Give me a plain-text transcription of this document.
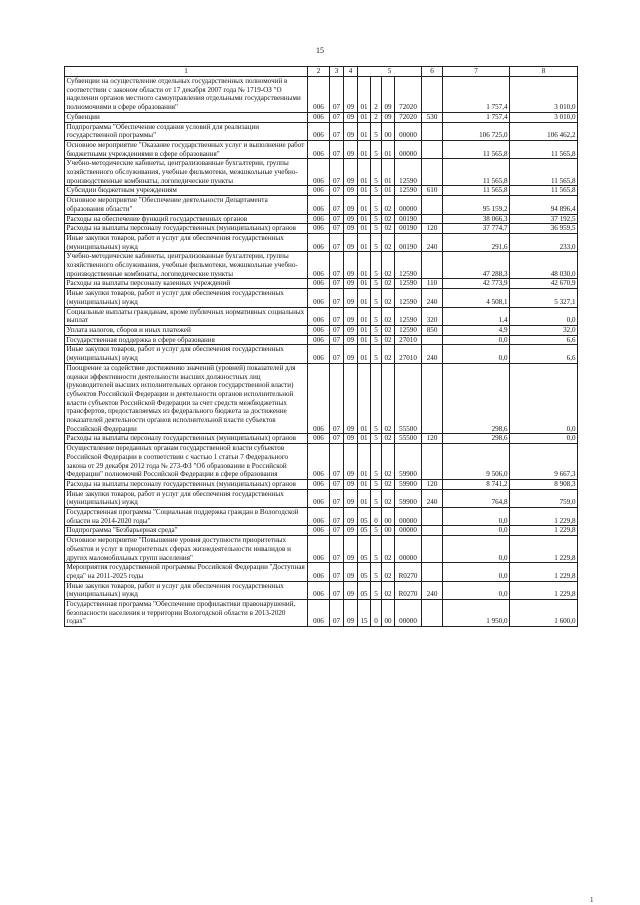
15
1	2	3	4	5				6	7	8
Субвенции на осуществление отдельных государственных полномочий в соответствии с законом области от 17 декабря 2007 года № 1719-ОЗ "О наделении органов местного самоуправления отдельными государственными полномочиями в сфере образования"	006	07	09	01	2	09	72020		1 757,4	3 010,0
Субвенции	006	07	09	01	2	09	72020	530	1 757,4	3 010,0
Подпрограмма "Обеспечение создания условий для реализации государственной программы"	006	07	09	01	5	00	00000		106 725,0	106 462,2
Основное мероприятие "Оказание государственных услуг и выполнение работ бюджетными учреждениями в сфере образования"	006	07	09	01	5	01	00000		11 565,8	11 565,8
Учебно-методические кабинеты, централизованные бухгалтерии, группы хозяйственного обслуживания, учебные фильмотеки, межшкольные учебно-производственные комбинаты, логопедические пункты	006	07	09	01	5	01	12590		11 565,8	11 565,8
Субсидии бюджетным учреждениям	006	07	09	01	5	01	12590	610	11 565,8	11 565,8
Основное мероприятие "Обеспечение деятельности Департамента образования области"	006	07	09	01	5	02	00000		95 159,2	94 896,4
Расходы на обеспечение функций государственных органов	006	07	09	01	5	02	00190		38 066,3	37 192,5
Расходы на выплаты персоналу государственных (муниципальных) органов	006	07	09	01	5	02	00190	120	37 774,7	36 959,5
Иные закупки товаров, работ и услуг для обеспечения государственных (муниципальных) нужд	006	07	09	01	5	02	00190	240	291,6	233,0
Учебно-методические кабинеты, централизованные бухгалтерии, группы хозяйственного обслуживания, учебные фильмотеки, межшкольные учебно-производственные комбинаты, логопедические пункты	006	07	09	01	5	02	12590		47 288,3	48 030,0
Расходы на выплаты персоналу казенных учреждений	006	07	09	01	5	02	12590	110	42 773,9	42 670,9
Иные закупки товаров, работ и услуг для обеспечения государственных (муниципальных) нужд	006	07	09	01	5	02	12590	240	4 508,1	5 327,1
Социальные выплаты гражданам, кроме публичных нормативных социальных выплат	006	07	09	01	5	02	12590	320	1,4	0,0
Уплата налогов, сборов и иных платежей	006	07	09	01	5	02	12590	850	4,9	32,0
Государственная поддержка в сфере образования	006	07	09	01	5	02	27010		0,0	6,6
Иные закупки товаров, работ и услуг для обеспечения государственных (муниципальных) нужд	006	07	09	01	5	02	27010	240	0,0	6,6
Поощрение за содействие достижению значений (уровней) показателей для оценки эффективности деятельности высших должностных лиц (руководителей высших исполнительных органов государственной власти) субъектов Российской Федерации и деятельности органов исполнительной власти субъектов Российской Федерации за счет средств межбюджетных трансфертов, предоставляемых из федерального бюджета за достижение показателей деятельности органов исполнительной власти субъектов Российской Федерации	006	07	09	01	5	02	55500		298,6	0,0
Расходы на выплаты персоналу государственных (муниципальных) органов	006	07	09	01	5	02	55500	120	298,6	0,0
Осуществление переданных органам государственной власти субъектов Российской Федерации в соответствии с частью 1 статьи 7 Федерального закона от 29 декабря 2012 года № 273-ФЗ "Об образовании в Российской Федерации" полномочий Российской Федерации в сфере образования	006	07	09	01	5	02	59900		9 506,0	9 667,3
Расходы на выплаты персоналу государственных (муниципальных) органов	006	07	09	01	5	02	59900	120	8 741,2	8 908,3
Иные закупки товаров, работ и услуг для обеспечения государственных (муниципальных) нужд	006	07	09	01	5	02	59900	240	764,8	759,0
Государственная программа "Социальная поддержка граждан в Вологодской области на 2014-2020 годы"	006	07	09	05	0	00	00000		0,0	1 229,8
Подпрограмма "Безбарьерная среда"	006	07	09	05	5	00	00000		0,0	1 229,8
Основное мероприятие "Повышение уровня доступности приоритетных объектов и услуг в приоритетных сферах жизнедеятельности инвалидов и других маломобильных групп населения"	006	07	09	05	5	02	00000		0,0	1 229,8
Мероприятия государственной программы Российской Федерации "Доступная среда" на 2011-2025 годы	006	07	09	05	5	02	R0270		0,0	1 229,8
Иные закупки товаров, работ и услуг для обеспечения государственных (муниципальных) нужд	006	07	09	05	5	02	R0270	240	0,0	1 229,8
Государственная программа "Обеспечение профилактики правонарушений, безопасности населения и территории Вологодской области в 2013-2020 годах"	006	07	09	15	0	00	00000		1 950,0	1 600,0
1
